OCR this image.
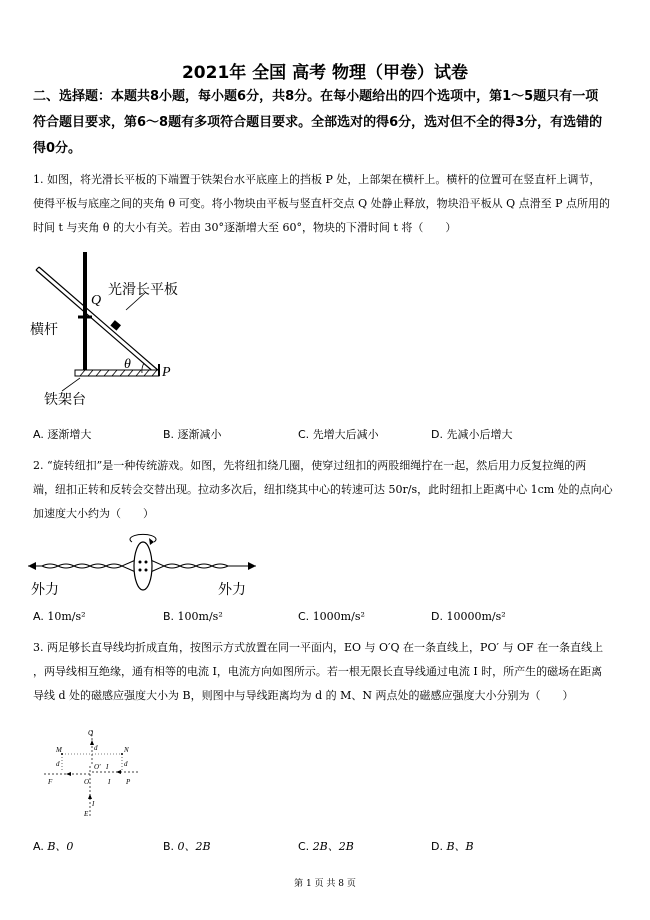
2021年 全国 高考 物理（甲卷）试卷
二、选择题：本题共8小题，每小题6分，共8分。在每小题给出的四个选项中，第1～5题只有一项
符合题目要求，第6～8题有多项符合题目要求。全部选对的得6分，选对但不全的得3分，有选错的
得0分。
1. 如图，将光滑长平板的下端置于铁架台水平底座上的挡板 P 处，上部架在横杆上。横杆的位置可在竖直杆上调节，
使得平板与底座之间的夹角 θ 可变。将小物块由平板与竖直杆交点 Q 处静止释放，物块沿平板从 Q 点滑至 P 点所用的
时间 t 与夹角 θ 的大小有关。若由 30°逐渐增大至 60°，物块的下滑时间 t 将（　　）
Q
光滑长平板
横杆
θ
P
铁架台
A. 逐渐增大	B. 逐渐减小	C. 先增大后减小	D. 先减小后增大
2. “旋转纽扣”是一种传统游戏。如图，先将纽扣绕几圈，使穿过纽扣的两股细绳拧在一起，然后用力反复拉绳的两
端，纽扣正转和反转会交替出现。拉动多次后，纽扣绕其中心的转速可达 50r/s，此时纽扣上距离中心 1cm 处的点向心
加速度大小约为（　　）
外力	外力
A. 10m/s²	B. 100m/s²	C. 1000m/s²	D. 10000m/s²
3. 两足够长直导线均折成直角，按图示方式放置在同一平面内，EO 与 O′Q 在一条直线上，PO′ 与 OF 在一条直线上
，两导线相互绝缘，通有相等的电流 I，电流方向如图所示。若一根无限长直导线通过电流 I 时，所产生的磁场在距离
导线 d 处的磁感应强度大小为 B，则图中与导线距离均为 d 的 M、N 两点处的磁感应强度大小分别为（　　）
Q
d
M	N
d	d
O′ I
F	O	I P
I
E
A. B、0	B. 0、2B	C. 2B、2B	D. B、B
第 1 页 共 8 页
